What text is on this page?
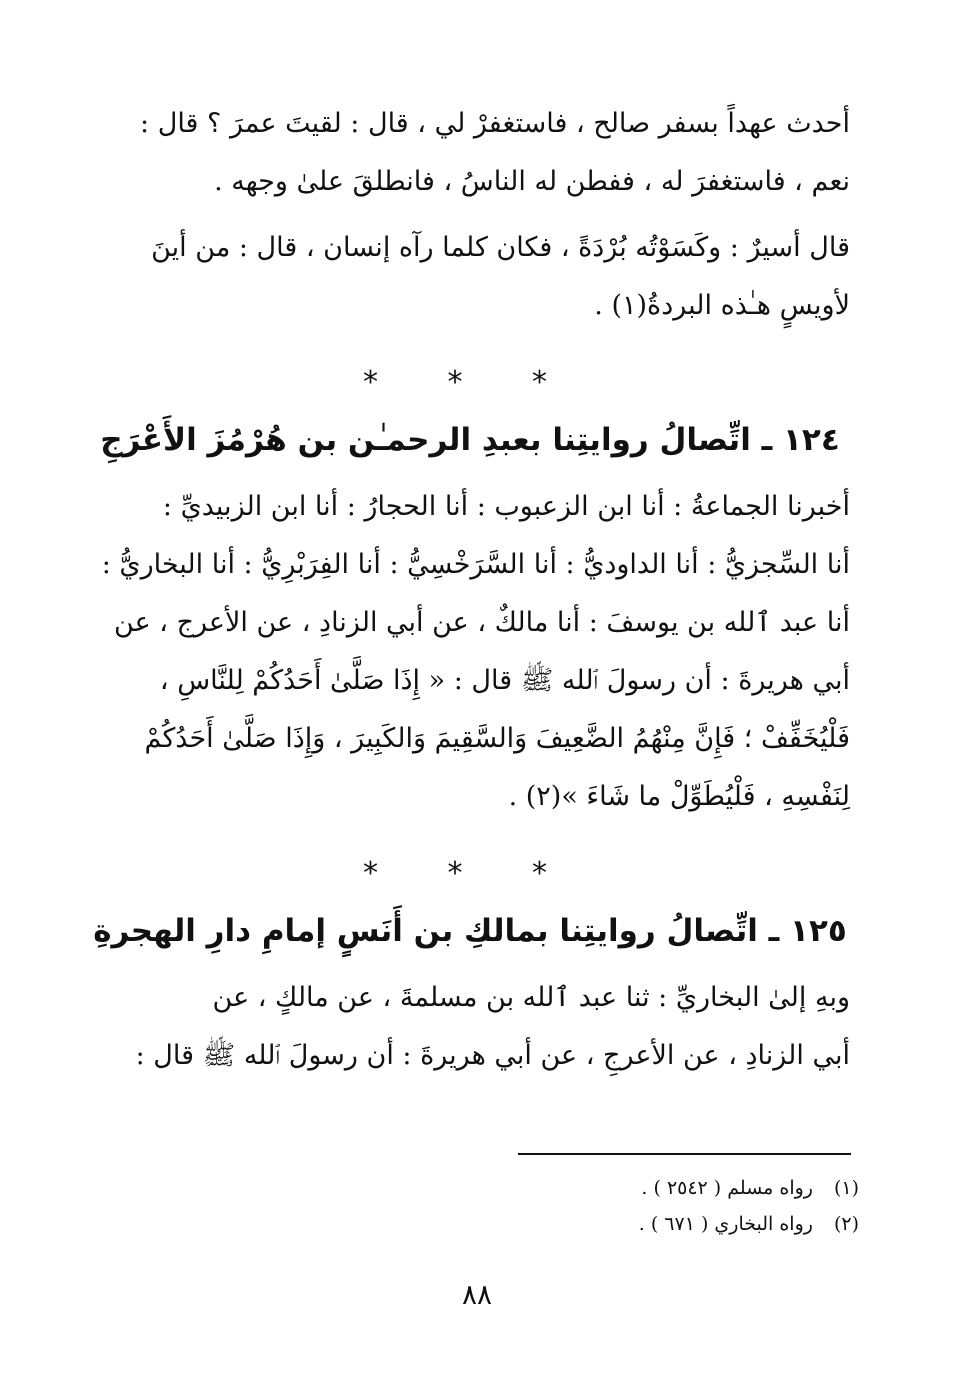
أحدث عهداً بسفر صالح ، فاستغفرْ لي ، قال : لقيتَ عمرَ ؟ قال :
نعم ، فاستغفرَ له ، ففطن له الناسُ ، فانطلقَ علىٰ وجهه .

قال أسيرٌ : وكَسَوْتُه بُرْدَةً ، فكان كلما رآه إنسان ، قال : من أينَ
لأويسٍ هـٰذه البردةُ(١) .

* * *
١٢٤ ـ اتِّصالُ روايتِنا بعبدِ الرحمـٰن بن هُرْمُزَ الأَعْرَجِ

أخبرنا الجماعةُ : أنا ابن الزعبوب : أنا الحجارُ : أنا ابن الزبيديِّ :
أنا السِّجزيُّ : أنا الداوديُّ : أنا السَّرَخْسِيُّ : أنا الفِرَبْرِيُّ : أنا البخاريُّ :
أنا عبد ٱلله بن يوسفَ : أنا مالكٌ ، عن أبي الزنادِ ، عن الأعرج ، عن
أبي هريرةَ : أن رسولَ ٱلله ﷺ قال : « إِذَا صَلَّىٰ أَحَدُكُمْ لِلنَّاسِ ،
فَلْيُخَفِّفْ ؛ فَإِنَّ مِنْهُمُ الضَّعِيفَ وَالسَّقِيمَ وَالكَبِيرَ ، وَإِذَا صَلَّىٰ أَحَدُكُمْ
لِنَفْسِهِ ، فَلْيُطَوِّلْ ما شَاءَ »(٢) .

* * *
١٢٥ ـ اتِّصالُ روايتِنا بمالكِ بن أَنَسٍ إمامِ دارِ الهجرةِ

وبهِ إلىٰ البخاريِّ : ثنا عبد ٱلله بن مسلمةَ ، عن مالكٍ ، عن
أبي الزنادِ ، عن الأعرجِ ، عن أبي هريرةَ : أن رسولَ ٱلله ﷺ قال :

(١) رواه مسلم ( ٢٥٤٢ ) .
(٢) رواه البخاري ( ٦٧١ ) .
٨٨
